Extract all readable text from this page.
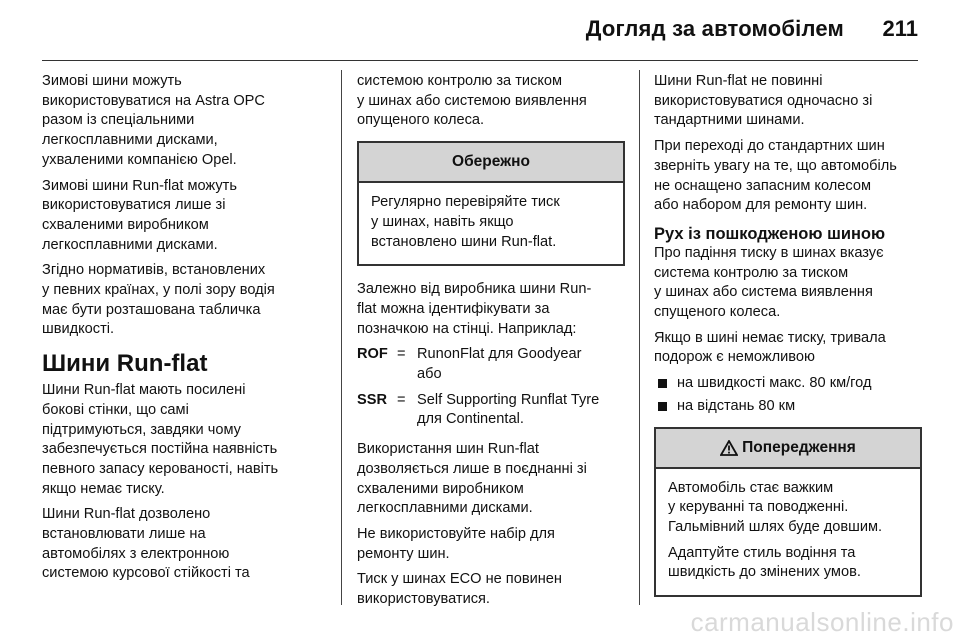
Догляд за автомобілем 211

Зимові шини можуть
використовуватися на Astra OPC
разом із спеціальними
легкосплавними дисками,
ухваленими компанією Opel.

Зимові шини Run-flat можуть
використовуватися лише зі
схваленими виробником
легкосплавними дисками.

Згідно нормативів, встановлених
у певних країнах, у полі зору водія
має бути розташована табличка
швидкості.

Шини Run-flat

Шини Run-flat мають посилені
бокові стінки, що самі
підтримуються, завдяки чому
забезпечується постійна наявність
певного запасу керованості, навіть
якщо немає тиску.

Шини Run-flat дозволено
встановлювати лише на
автомобілях з електронною
системою курсової стійкості та

системою контролю за тиском
у шинах або системою виявлення
опущеного колеса.

Обережно

Регулярно перевіряйте тиск
у шинах, навіть якщо
встановлено шини Run-flat.

Залежно від виробника шини Run-
flat можна ідентифікувати за
позначкою на стінці. Наприклад:

ROF = RunonFlat для Goodyear
або
SSR = Self Supporting Runflat Tyre
для Continental.

Використання шин Run-flat
дозволяється лише в поєднанні зі
схваленими виробником
легкосплавними дисками.

Не використовуйте набір для
ремонту шин.

Тиск у шинах ECO не повинен
використовуватися.

Шини Run-flat не повинні
використовуватися одночасно зі
тандартними шинами.

При переході до стандартних шин
зверніть увагу на те, що автомобіль
не оснащено запасним колесом
або набором для ремонту шин.

Рух із пошкодженою шиною

Про падіння тиску в шинах вказує
система контролю за тиском
у шинах або система виявлення
спущеного колеса.

Якщо в шині немає тиску, тривала
подорож є неможливою

на швидкості макс. 80 км/год
на відстань 80 км
Попередження

Автомобіль стає важким
у керуванні та поводженні.
Гальмівний шлях буде довшим.

Адаптуйте стиль водіння та
швидкість до змінених умов.

carmanualsonline.info
